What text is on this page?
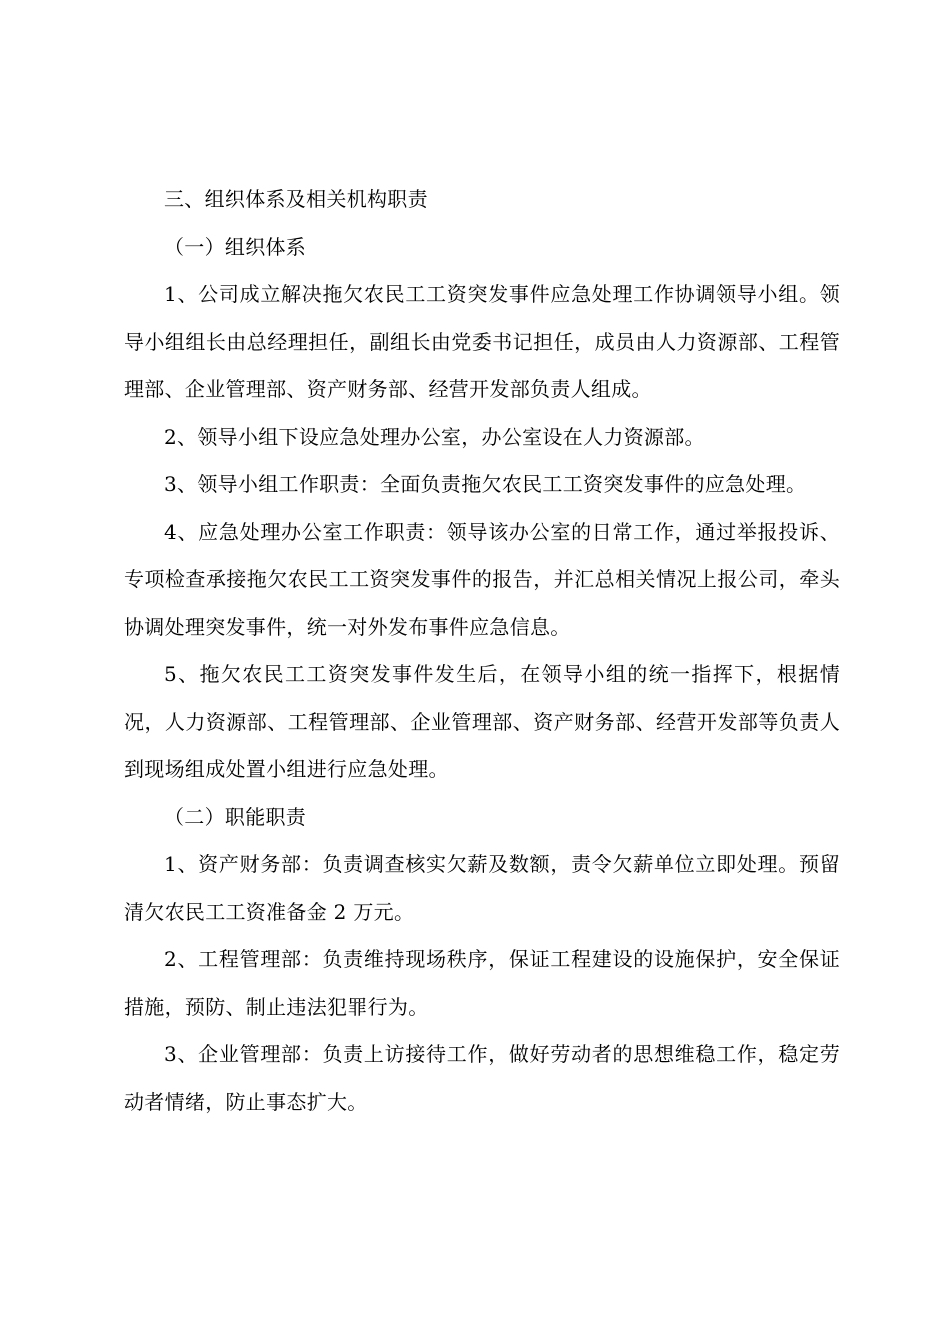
三、组织体系及相关机构职责

（一）组织体系

1、公司成立解决拖欠农民工工资突发事件应急处理工作协调领导小组。领导小组组长由总经理担任，副组长由党委书记担任，成员由人力资源部、工程管理部、企业管理部、资产财务部、经营开发部负责人组成。

2、领导小组下设应急处理办公室，办公室设在人力资源部。

3、领导小组工作职责：全面负责拖欠农民工工资突发事件的应急处理。

4、应急处理办公室工作职责：领导该办公室的日常工作，通过举报投诉、专项检查承接拖欠农民工工资突发事件的报告，并汇总相关情况上报公司，牵头协调处理突发事件，统一对外发布事件应急信息。

5、拖欠农民工工资突发事件发生后，在领导小组的统一指挥下，根据情况，人力资源部、工程管理部、企业管理部、资产财务部、经营开发部等负责人到现场组成处置小组进行应急处理。

（二）职能职责

1、资产财务部：负责调查核实欠薪及数额，责令欠薪单位立即处理。预留清欠农民工工资准备金 2 万元。

2、工程管理部：负责维持现场秩序，保证工程建设的设施保护，安全保证措施，预防、制止违法犯罪行为。

3、企业管理部：负责上访接待工作，做好劳动者的思想维稳工作，稳定劳动者情绪，防止事态扩大。
